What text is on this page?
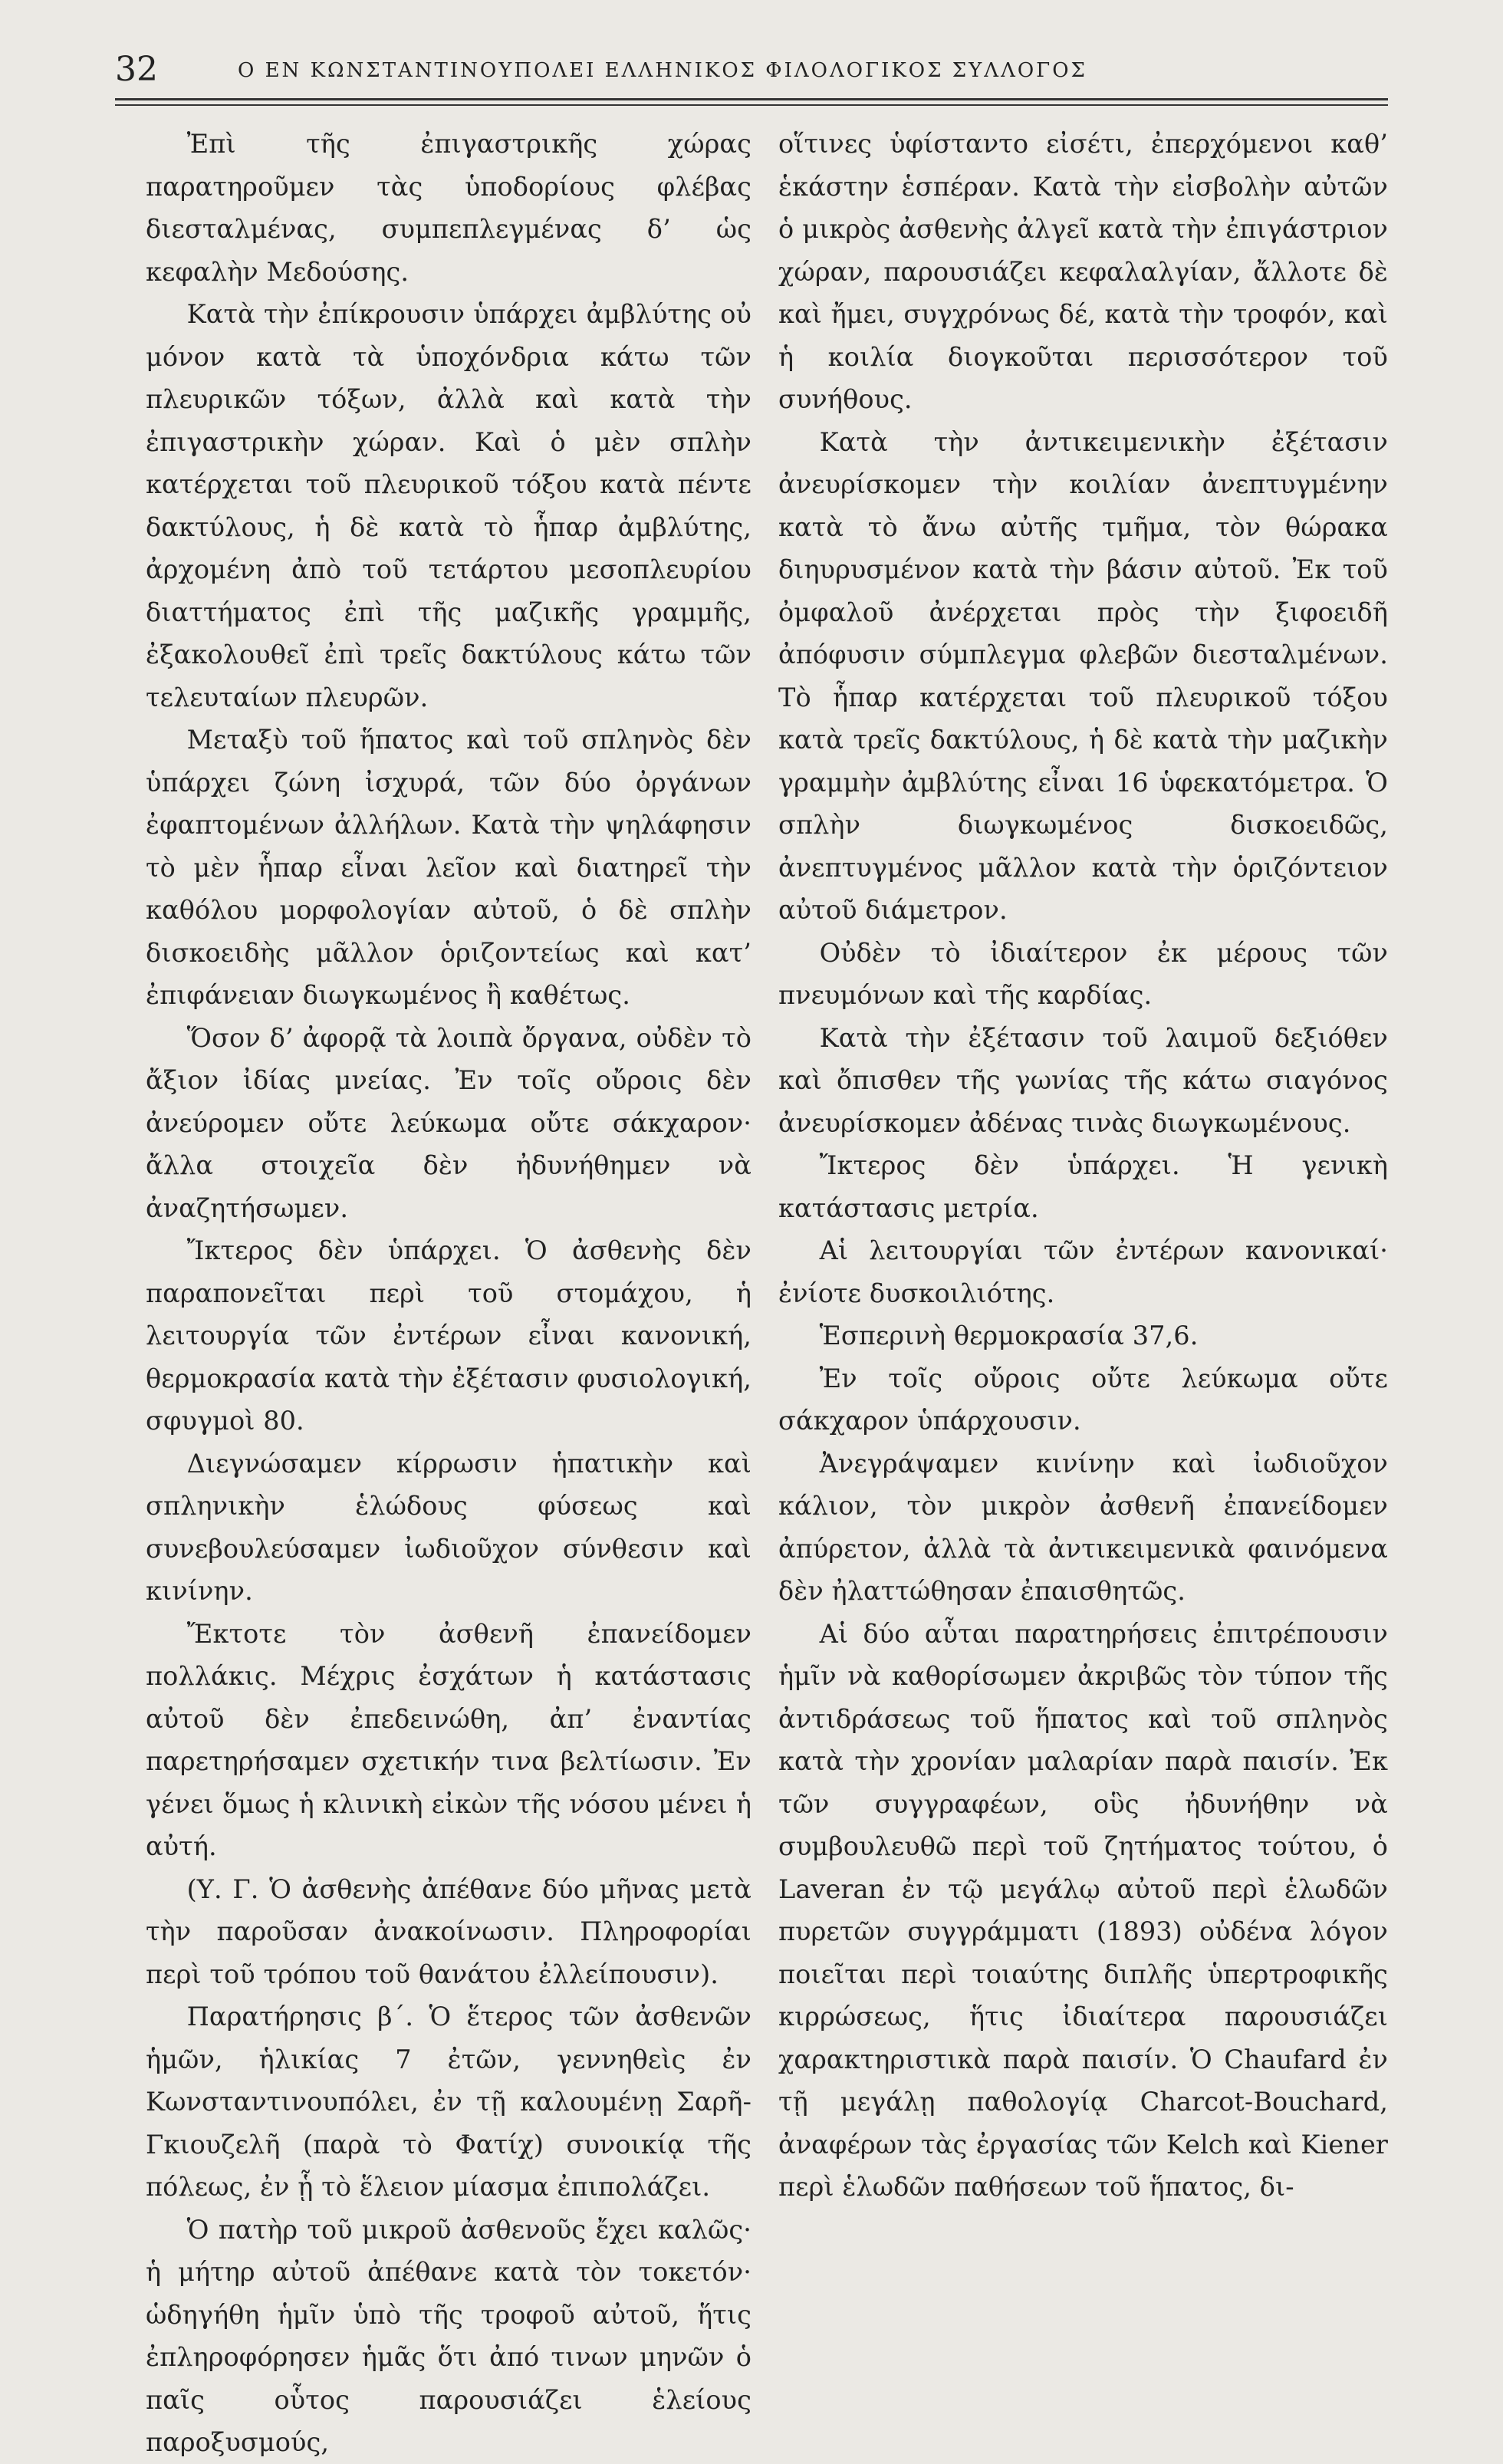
32	Ο ΕΝ ΚΩΝΣΤΑΝΤΙΝΟΥΠΟΛΕΙ ΕΛΛΗΝΙΚΟΣ ΦΙΛΟΛΟΓΙΚΟΣ ΣΥΛΛΟΓΟΣ

Ἐπὶ τῆς ἐπιγαστρικῆς χώρας παρατηροῦμεν τὰς ὑποδορίους φλέβας διεσταλμένας, συμπεπλεγμένας δ’ ὡς κεφαλὴν Μεδούσης.

Κατὰ τὴν ἐπίκρουσιν ὑπάρχει ἀμβλύτης οὐ μόνον κατὰ τὰ ὑποχόνδρια κάτω τῶν πλευρικῶν τόξων, ἀλλὰ καὶ κατὰ τὴν ἐπιγαστρικὴν χώραν. Καὶ ὁ μὲν σπλὴν κατέρχεται τοῦ πλευρικοῦ τόξου κατὰ πέντε δακτύλους, ἡ δὲ κατὰ τὸ ἧπαρ ἀμβλύτης, ἀρχομένη ἀπὸ τοῦ τετάρτου μεσοπλευρίου διαττήματος ἐπὶ τῆς μαζικῆς γραμμῆς, ἐξακολουθεῖ ἐπὶ τρεῖς δακτύλους κάτω τῶν τελευταίων πλευρῶν.

Μεταξὺ τοῦ ἥπατος καὶ τοῦ σπληνὸς δὲν ὑπάρχει ζώνη ἰσχυρά, τῶν δύο ὀργάνων ἐφαπτομένων ἀλλήλων. Κατὰ τὴν ψηλάφησιν τὸ μὲν ἧπαρ εἶναι λεῖον καὶ διατηρεῖ τὴν καθόλου μορφολογίαν αὐτοῦ, ὁ δὲ σπλὴν δισκοειδὴς μᾶλλον ὁριζοντείως καὶ κατ’ ἐπιφάνειαν διωγκωμένος ἢ καθέτως.

Ὅσον δ’ ἀφορᾷ τὰ λοιπὰ ὄργανα, οὐδὲν τὸ ἄξιον ἰδίας μνείας. Ἐν τοῖς οὔροις δὲν ἀνεύρομεν οὔτε λεύκωμα οὔτε σάκχαρον· ἄλλα στοιχεῖα δὲν ἠδυνήθημεν νὰ ἀναζητήσωμεν.

Ἴκτερος δὲν ὑπάρχει. Ὁ ἀσθενὴς δὲν παραπονεῖται περὶ τοῦ στομάχου, ἡ λειτουργία τῶν ἐντέρων εἶναι κανονική, θερμοκρασία κατὰ τὴν ἐξέτασιν φυσιολογική, σφυγμοὶ 80.

Διεγνώσαμεν κίρρωσιν ἡπατικὴν καὶ σπληνικὴν ἑλώδους φύσεως καὶ συνεβουλεύσαμεν ἰωδιοῦχον σύνθεσιν καὶ κινίνην.

Ἔκτοτε τὸν ἀσθενῆ ἐπανείδομεν πολλάκις. Μέχρις ἐσχάτων ἡ κατάστασις αὐτοῦ δὲν ἐπεδεινώθη, ἀπ’ ἐναντίας παρετηρήσαμεν σχετικήν τινα βελτίωσιν. Ἐν γένει ὅμως ἡ κλινικὴ εἰκὼν τῆς νόσου μένει ἡ αὐτή.

(Υ. Γ. Ὁ ἀσθενὴς ἀπέθανε δύο μῆνας μετὰ τὴν παροῦσαν ἀνακοίνωσιν. Πληροφορίαι περὶ τοῦ τρόπου τοῦ θανάτου ἐλλείπουσιν).

Παρατήρησις β΄. Ὁ ἕτερος τῶν ἀσθενῶν ἡμῶν, ἡλικίας 7 ἐτῶν, γεννηθεὶς ἐν Κωνσταντινουπόλει, ἐν τῇ καλουμένῃ Σαρῆ-Γκιουζελῆ (παρὰ τὸ Φατίχ) συνοικίᾳ τῆς πόλεως, ἐν ᾗ τὸ ἕλειον μίασμα ἐπιπολάζει.

Ὁ πατὴρ τοῦ μικροῦ ἀσθενοῦς ἔχει καλῶς· ἡ μήτηρ αὐτοῦ ἀπέθανε κατὰ τὸν τοκετόν· ὡδηγήθη ἡμῖν ὑπὸ τῆς τροφοῦ αὐτοῦ, ἥτις ἐπληροφόρησεν ἡμᾶς ὅτι ἀπό τινων μηνῶν ὁ παῖς οὗτος παρουσιάζει ἑλείους παροξυσμούς,

οἵτινες ὑφίσταντο εἰσέτι, ἐπερχόμενοι καθ’ ἑκάστην ἑσπέραν. Κατὰ τὴν εἰσβολὴν αὐτῶν ὁ μικρὸς ἀσθενὴς ἀλγεῖ κατὰ τὴν ἐπιγάστριον χώραν, παρουσιάζει κεφαλαλγίαν, ἄλλοτε δὲ καὶ ἤμει, συγχρόνως δέ, κατὰ τὴν τροφόν, καὶ ἡ κοιλία διογκοῦται περισσότερον τοῦ συνήθους.

Κατὰ τὴν ἀντικειμενικὴν ἐξέτασιν ἀνευρίσκομεν τὴν κοιλίαν ἀνεπτυγμένην κατὰ τὸ ἄνω αὐτῆς τμῆμα, τὸν θώρακα διηυρυσμένον κατὰ τὴν βάσιν αὐτοῦ. Ἐκ τοῦ ὀμφαλοῦ ἀνέρχεται πρὸς τὴν ξιφοειδῆ ἀπόφυσιν σύμπλεγμα φλεβῶν διεσταλμένων. Τὸ ἧπαρ κατέρχεται τοῦ πλευρικοῦ τόξου κατὰ τρεῖς δακτύλους, ἡ δὲ κατὰ τὴν μαζικὴν γραμμὴν ἀμβλύτης εἶναι 16 ὑφεκατόμετρα. Ὁ σπλὴν διωγκωμένος δισκοειδῶς, ἀνεπτυγμένος μᾶλλον κατὰ τὴν ὁριζόντειον αὐτοῦ διάμετρον.

Οὐδὲν τὸ ἰδιαίτερον ἐκ μέρους τῶν πνευμόνων καὶ τῆς καρδίας.

Κατὰ τὴν ἐξέτασιν τοῦ λαιμοῦ δεξιόθεν καὶ ὄπισθεν τῆς γωνίας τῆς κάτω σιαγόνος ἀνευρίσκομεν ἀδένας τινὰς διωγκωμένους.

Ἴκτερος δὲν ὑπάρχει. Ἡ γενικὴ κατάστασις μετρία.

Αἱ λειτουργίαι τῶν ἐντέρων κανονικαί· ἐνίοτε δυσκοιλιότης.

Ἑσπερινὴ θερμοκρασία 37,6.

Ἐν τοῖς οὔροις οὔτε λεύκωμα οὔτε σάκχαρον ὑπάρχουσιν.

Ἀνεγράψαμεν κινίνην καὶ ἰωδιοῦχον κάλιον, τὸν μικρὸν ἀσθενῆ ἐπανείδομεν ἀπύρετον, ἀλλὰ τὰ ἀντικειμενικὰ φαινόμενα δὲν ἠλαττώθησαν ἐπαισθητῶς.

Αἱ δύο αὗται παρατηρήσεις ἐπιτρέπουσιν ἡμῖν νὰ καθορίσωμεν ἀκριβῶς τὸν τύπον τῆς ἀντιδράσεως τοῦ ἥπατος καὶ τοῦ σπληνὸς κατὰ τὴν χρονίαν μαλαρίαν παρὰ παισίν. Ἐκ τῶν συγγραφέων, οὓς ἠδυνήθην νὰ συμβουλευθῶ περὶ τοῦ ζητήματος τούτου, ὁ Laveran ἐν τῷ μεγάλῳ αὐτοῦ περὶ ἑλωδῶν πυρετῶν συγγράμματι (1893) οὐδένα λόγον ποιεῖται περὶ τοιαύτης διπλῆς ὑπερτροφικῆς κιρρώσεως, ἥτις ἰδιαίτερα παρουσιάζει χαρακτηριστικὰ παρὰ παισίν. Ὁ Chaufard ἐν τῇ μεγάλῃ παθολογίᾳ Charcot-Bouchard, ἀναφέρων τὰς ἐργασίας τῶν Kelch καὶ Kiener περὶ ἑλωδῶν παθήσεων τοῦ ἥπατος, δι-
